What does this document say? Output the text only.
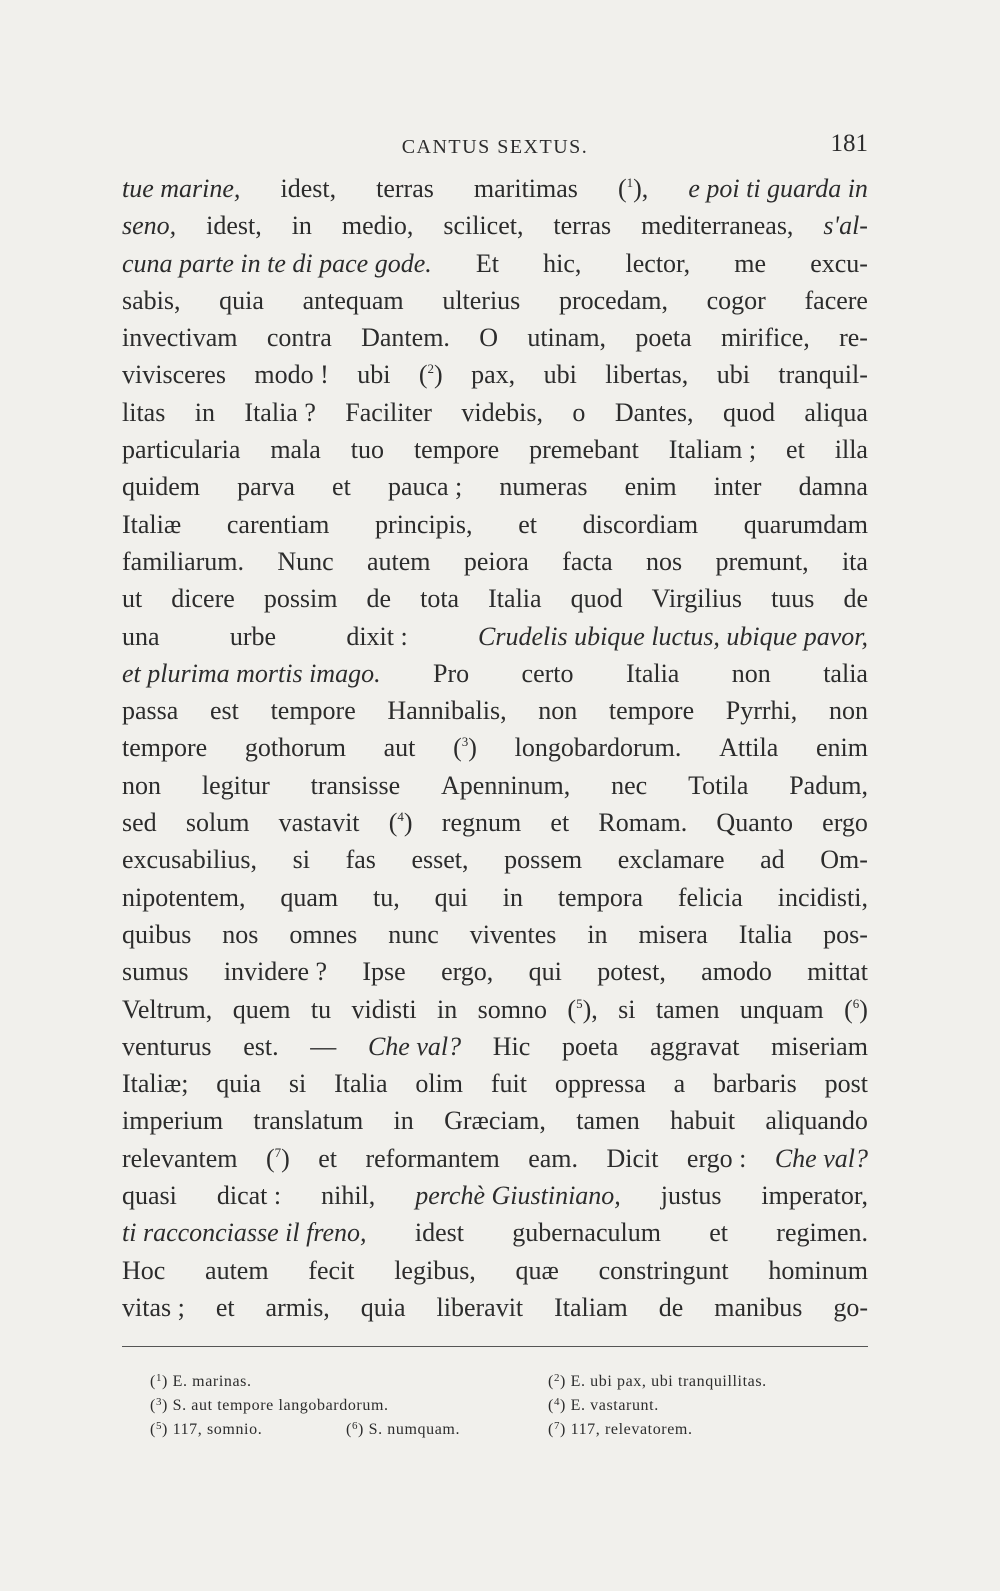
CANTUS SEXTUS.	181
tue marine, idest, terras maritimas ($^1$), e poi ti guarda in
seno, idest, in medio, scilicet, terras mediterraneas, s'al-
cuna parte in te di pace gode. Et hic, lector, me excu-
sabis, quia antequam ulterius procedam, cogor facere
invectivam contra Dantem. O utinam, poeta mirifice, re-
vivisceres modo ! ubi ($^2$) pax, ubi libertas, ubi tranquil-
litas in Italia ? Faciliter videbis, o Dantes, quod aliqua
particularia mala tuo tempore premebant Italiam ; et illa
quidem parva et pauca ; numeras enim inter damna
Italiæ carentiam principis, et discordiam quarumdam
familiarum. Nunc autem peiora facta nos premunt, ita
ut dicere possim de tota Italia quod Virgilius tuus de
una	urbe	dixit :	Crudelis ubique luctus, ubique pavor,
et plurima mortis imago. Pro certo Italia non talia
passa est tempore Hannibalis, non tempore Pyrrhi, non
tempore gothorum aut ($^3$) longobardorum. Attila enim
non legitur transisse Apenninum, nec Totila Padum,
sed solum vastavit ($^4$) regnum et Romam. Quanto ergo
excusabilius, si fas esset, possem exclamare ad Om-
nipotentem, quam tu, qui in tempora felicia incidisti,
quibus nos omnes nunc viventes in misera Italia pos-
sumus invidere ? Ipse ergo, qui potest, amodo mittat
Veltrum, quem tu vidisti in somno ($^5$), si tamen unquam ($^6$)
venturus est. — Che val? Hic poeta aggravat miseriam
Italiæ; quia si Italia olim fuit oppressa a barbaris post
imperium translatum in Græciam, tamen habuit aliquando
relevantem ($^7$) et reformantem eam. Dicit ergo : Che val?
quasi dicat : nihil, perchè Giustiniano, justus imperator,
ti racconciasse il freno, idest gubernaculum et regimen.
Hoc autem fecit legibus, quæ constringunt hominum
vitas ; et armis, quia liberavit Italiam de manibus go-
($^1$) E. marinas.	($^2$) E. ubi pax, ubi tranquillitas.
($^3$) S. aut tempore langobardorum.	($^4$) E. vastarunt.
($^5$) 117, somnio.	($^6$) S. numquam.	($^7$) 117, relevatorem.
